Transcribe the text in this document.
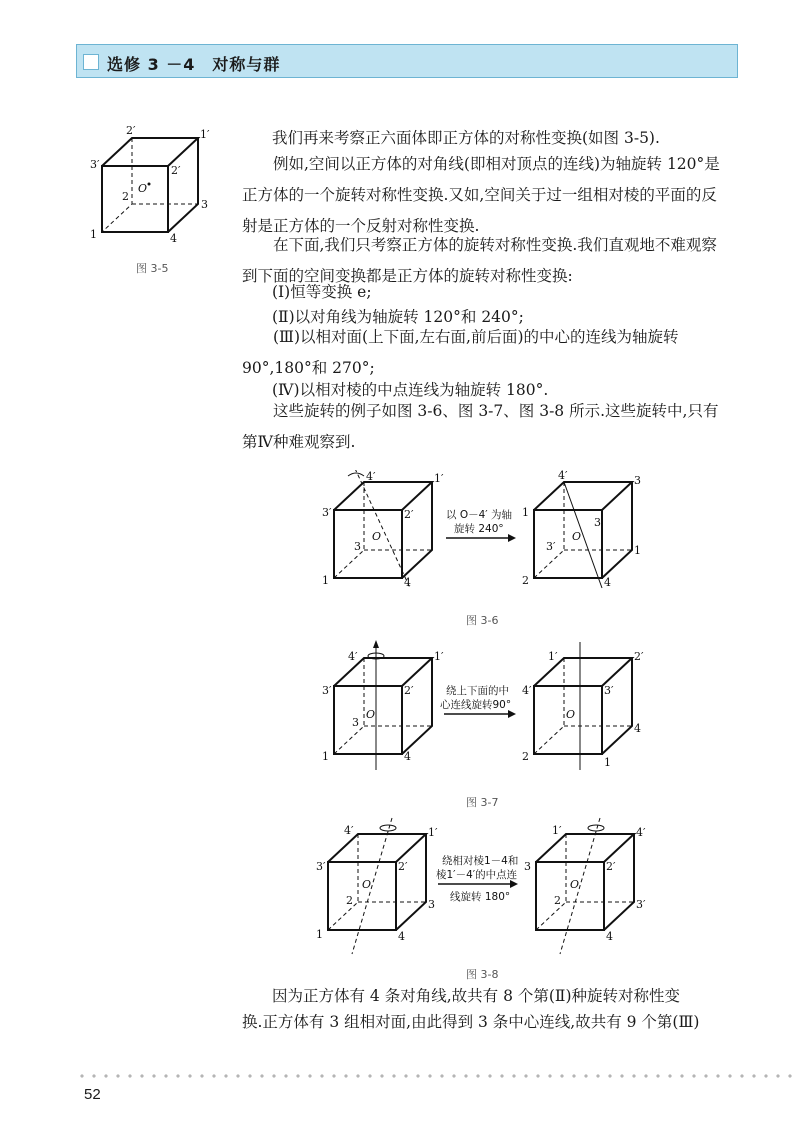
选修 3 －4　对称与群
2′	1′
3′	2′
O
2
3
1	4
图 3-5

我们再来考察正六面体即正方体的对称性变换(如图 3-5).

例如,空间以正方体的对角线(即相对顶点的连线)为轴旋转 120°是正方体的一个旋转对称性变换.又如,空间关于过一组相对棱的平面的反射是正方体的一个反射对称性变换.

在下面,我们只考察正方体的旋转对称性变换.我们直观地不难观察到下面的空间变换都是正方体的旋转对称性变换:

(Ⅰ)恒等变换 e;

(Ⅱ)以对角线为轴旋转 120°和 240°;

(Ⅲ)以相对面(上下面,左右面,前后面)的中心的连线为轴旋转 90°,180°和 270°;

(Ⅳ)以相对棱的中点连线为轴旋转 180°.

这些旋转的例子如图 3-6、图 3-7、图 3-8 所示.这些旋转中,只有第Ⅳ种难观察到.

4′	1′
3′	2′
O
3
1	4
以 O－4′ 为轴
旋转 240°
4′	3
1
3
O
3′	1
2	4
图 3-6
4′	1′
3′	2′
O
3
1	4
绕上下面的中
心连线旋转90°
1′	2′
4′	3′
O
2
4
1
图 3-7
4′	1′
3′	2′
O
2	3
1	4
绕相对棱1－4和
棱1′－4′的中点连
线旋转 180°
1′	4′
3	2′
O
2	3′
4
图 3-8

因为正方体有 4 条对角线,故共有 8 个第(Ⅱ)种旋转对称性变

换.正方体有 3 组相对面,由此得到 3 条中心连线,故共有 9 个第(Ⅲ)

52
